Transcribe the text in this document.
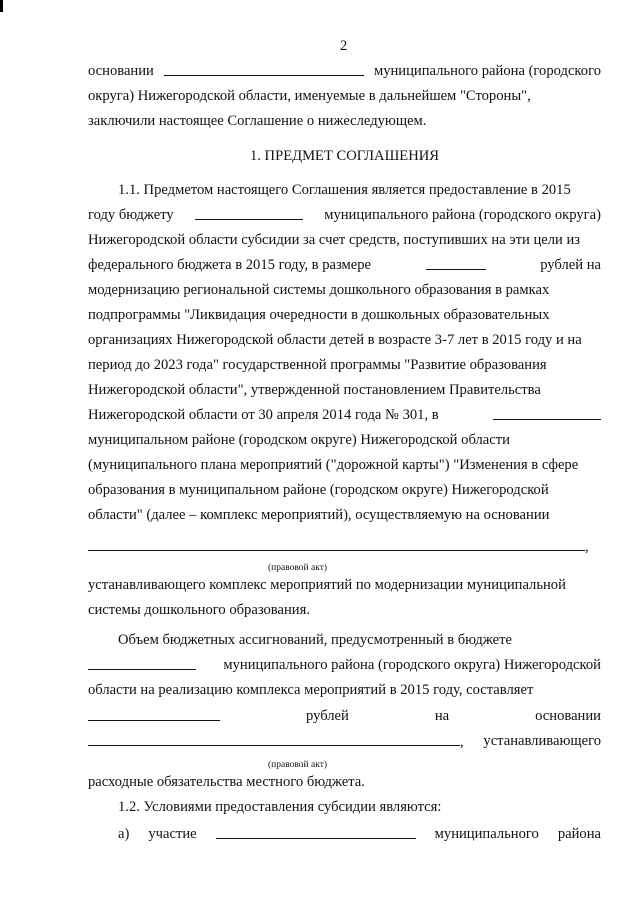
2
основании	муниципального района (городского
округа) Нижегородской области, именуемые в дальнейшем "Стороны",
заключили настоящее Соглашение о нижеследующем.
1. ПРЕДМЕТ СОГЛАШЕНИЯ
1.1. Предметом настоящего Соглашения является предоставление в 2015
году бюджету	муниципального района (городского округа)
Нижегородской области субсидии за счет средств, поступивших на эти цели из
федерального бюджета в 2015 году, в размере	рублей на
модернизацию региональной системы дошкольного образования в рамках
подпрограммы "Ликвидация очередности в дошкольных образовательных
организациях Нижегородской области детей в возрасте 3-7 лет в 2015 году и на
период до 2023 года" государственной программы "Развитие образования
Нижегородской области", утвержденной постановлением Правительства
Нижегородской области от 30 апреля 2014 года № 301, в
муниципальном районе (городском округе) Нижегородской области
(муниципального плана мероприятий ("дорожной карты") "Изменения в сфере
образования в муниципальном районе (городском округе) Нижегородской
области" (далее – комплекс мероприятий), осуществляемую на основании
,
(правовой акт)
устанавливающего комплекс мероприятий по модернизации муниципальной
системы дошкольного образования.
Объем бюджетных ассигнований, предусмотренный в бюджете
муниципального района (городского округа) Нижегородской
области на реализацию комплекса мероприятий в 2015 году, составляет
рублей	на	основании
, устанавливающего
(правовой акт)
расходные обязательства местного бюджета.
1.2. Условиями предоставления субсидии являются:
а) участие	муниципального района
